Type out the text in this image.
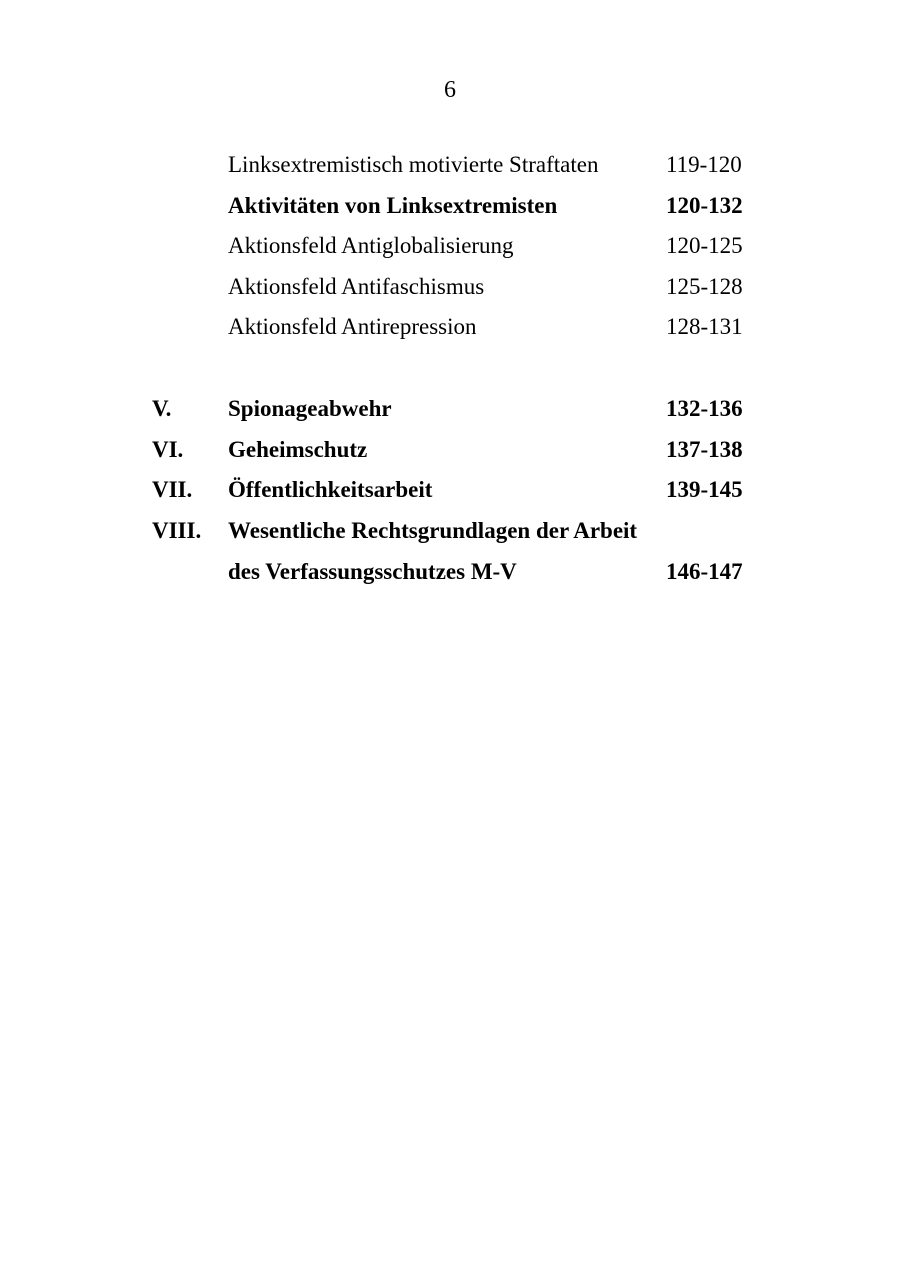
6
Linksextremistisch motivierte Straftaten	119-120
Aktivitäten von Linksextremisten	120-132
Aktionsfeld Antiglobalisierung	120-125
Aktionsfeld Antifaschismus	125-128
Aktionsfeld Antirepression	128-131
V. Spionageabwehr	132-136
VI. Geheimschutz	137-138
VII. Öffentlichkeitsarbeit	139-145
VIII. Wesentliche Rechtsgrundlagen der Arbeit
des Verfassungsschutzes M-V	146-147
